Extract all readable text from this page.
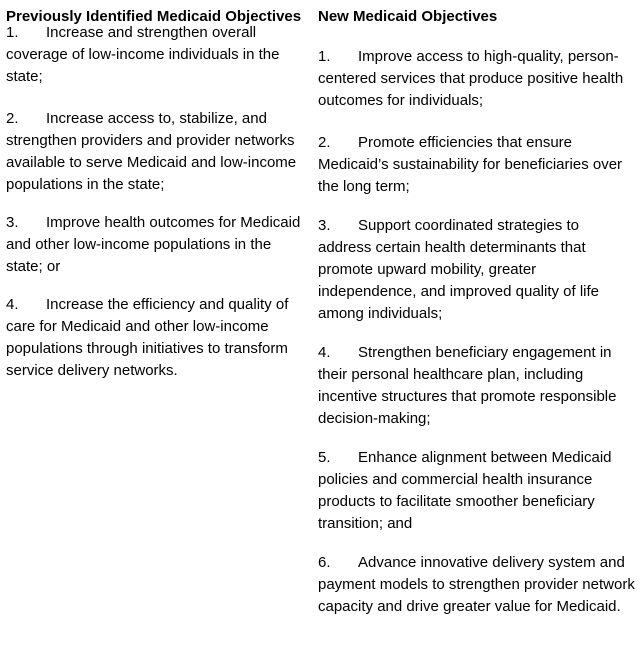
Previously Identified Medicaid Objectives
1. Increase and strengthen overall coverage of low-income individuals in the state;
2. Increase access to, stabilize, and strengthen providers and provider networks available to serve Medicaid and low-income populations in the state;
3. Improve health outcomes for Medicaid and other low-income populations in the state; or
4. Increase the efficiency and quality of care for Medicaid and other low-income populations through initiatives to transform service delivery networks.
New Medicaid Objectives
1. Improve access to high-quality, person-centered services that produce positive health outcomes for individuals;
2. Promote efficiencies that ensure Medicaid’s sustainability for beneficiaries over the long term;
3. Support coordinated strategies to address certain health determinants that promote upward mobility, greater independence, and improved quality of life among individuals;
4. Strengthen beneficiary engagement in their personal healthcare plan, including incentive structures that promote responsible decision-making;
5. Enhance alignment between Medicaid policies and commercial health insurance products to facilitate smoother beneficiary transition; and
6. Advance innovative delivery system and payment models to strengthen provider network capacity and drive greater value for Medicaid.
